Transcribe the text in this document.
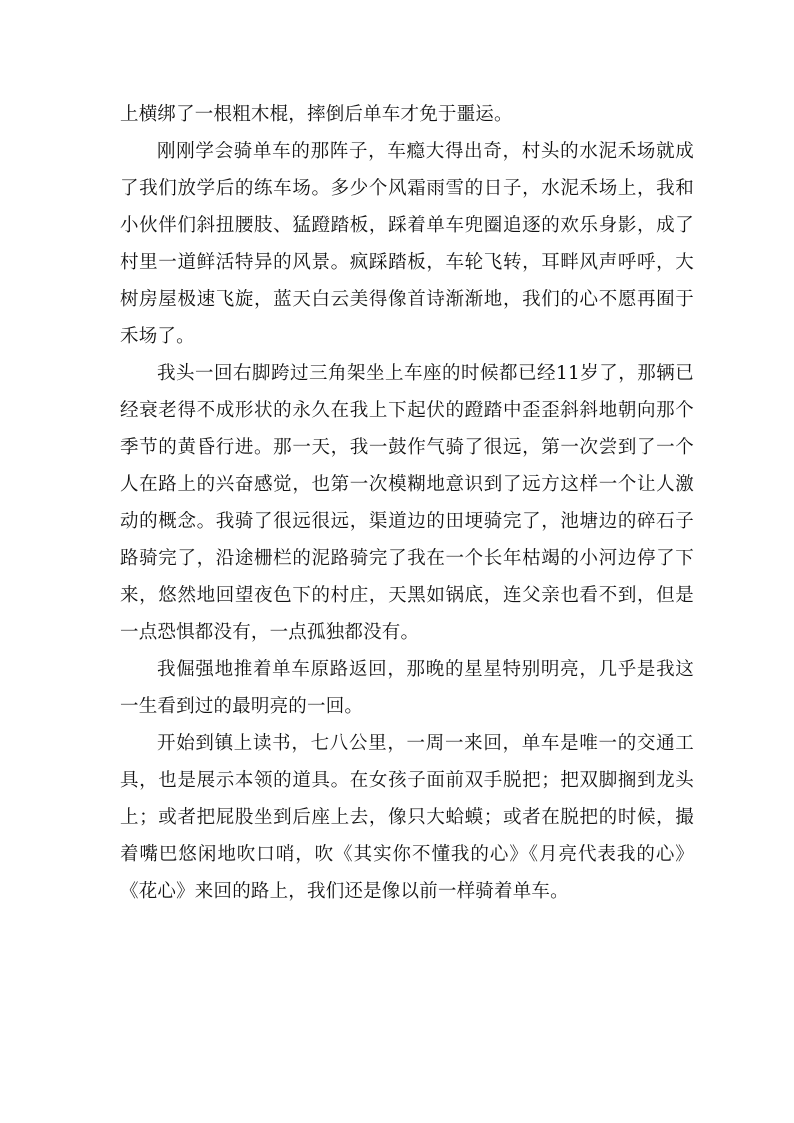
上横绑了一根粗木棍，摔倒后单车才免于噩运。

刚刚学会骑单车的那阵子，车瘾大得出奇，村头的水泥禾场就成了我们放学后的练车场。多少个风霜雨雪的日子，水泥禾场上，我和小伙伴们斜扭腰肢、猛蹬踏板，踩着单车兜圈追逐的欢乐身影，成了村里一道鲜活特异的风景。疯踩踏板，车轮飞转，耳畔风声呼呼，大树房屋极速飞旋，蓝天白云美得像首诗渐渐地，我们的心不愿再囿于禾场了。

我头一回右脚跨过三角架坐上车座的时候都已经11岁了，那辆已经衰老得不成形状的永久在我上下起伏的蹬踏中歪歪斜斜地朝向那个季节的黄昏行进。那一天，我一鼓作气骑了很远，第一次尝到了一个人在路上的兴奋感觉，也第一次模糊地意识到了远方这样一个让人激动的概念。我骑了很远很远，渠道边的田埂骑完了，池塘边的碎石子路骑完了，沿途栅栏的泥路骑完了我在一个长年枯竭的小河边停了下来，悠然地回望夜色下的村庄，天黑如锅底，连父亲也看不到，但是一点恐惧都没有，一点孤独都没有。

我倔强地推着单车原路返回，那晚的星星特别明亮，几乎是我这一生看到过的最明亮的一回。

开始到镇上读书，七八公里，一周一来回，单车是唯一的交通工具，也是展示本领的道具。在女孩子面前双手脱把；把双脚搁到龙头上；或者把屁股坐到后座上去，像只大蛤蟆；或者在脱把的时候，撮着嘴巴悠闲地吹口哨，吹《其实你不懂我的心》《月亮代表我的心》《花心》来回的路上，我们还是像以前一样骑着单车。
